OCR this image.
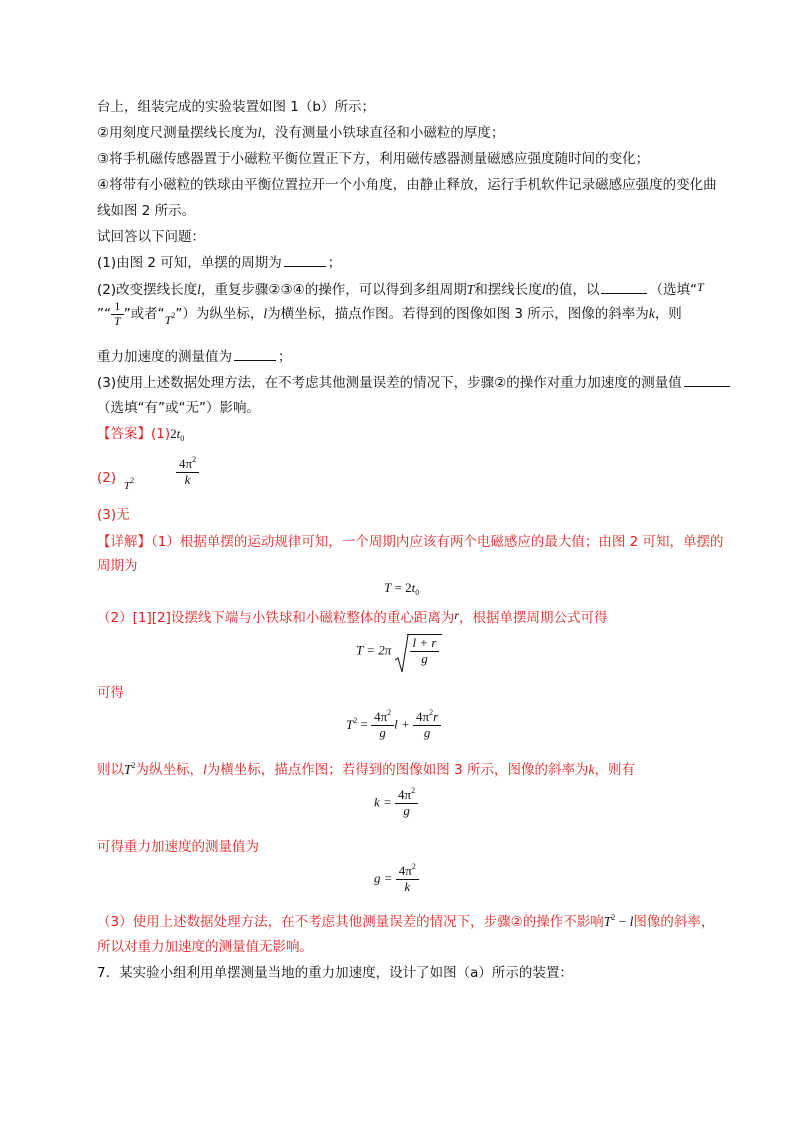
台上，组装完成的实验装置如图 1（b）所示；
②用刻度尺测量摆线长度为l，没有测量小铁球直径和小磁粒的厚度；
③将手机磁传感器置于小磁粒平衡位置正下方，利用磁传感器测量磁感应强度随时间的变化；
④将带有小磁粒的铁球由平衡位置拉开一个小角度，由静止释放，运行手机软件记录磁感应强度的变化曲
线如图 2 所示。
试回答以下问题：
(1)由图 2 可知，单摆的周期为	；
(2)改变摆线长度l，重复步骤②③④的操作，可以得到多组周期T和摆线长度l的值，以	（选填“T
”“ $\frac{1}{T}$ ”或者“$T^2$”）为纵坐标，l为横坐标，描点作图。若得到的图像如图 3 所示，图像的斜率为k，则
重力加速度的测量值为	；
(3)使用上述数据处理方法，在不考虑其他测量误差的情况下，步骤②的操作对重力加速度的测量值
（选填“有”或“无”）影响。
【答案】$(1)2t_0$
(2) $T^2$	$\frac{4\pi^2}{k}$
(3)无
【详解】（1）根据单摆的运动规律可知，一个周期内应该有两个电磁感应的最大值；由图 2 可知，单摆的
周期为
$T = 2t_0$
（2）[1][2]设摆线下端与小铁球和小磁粒整体的重心距离为r，根据单摆周期公式可得
$T = 2\pi \frac{l + r}{g}$
可得
$T^2 = \frac{4\pi^2}{g}$ $l + \frac{4\pi^2r}{g}$
则以$T^2$为纵坐标，l为横坐标，描点作图；若得到的图像如图 3 所示，图像的斜率为k，则有
$k = \frac{4\pi^2}{g}$
可得重力加速度的测量值为
$g = \frac{4\pi^2}{k}$
（3）使用上述数据处理方法，在不考虑其他测量误差的情况下，步骤②的操作不影响$T^2 - l$图像的斜率，
所以对重力加速度的测量值无影响。
7．某实验小组利用单摆测量当地的重力加速度，设计了如图（a）所示的装置：
